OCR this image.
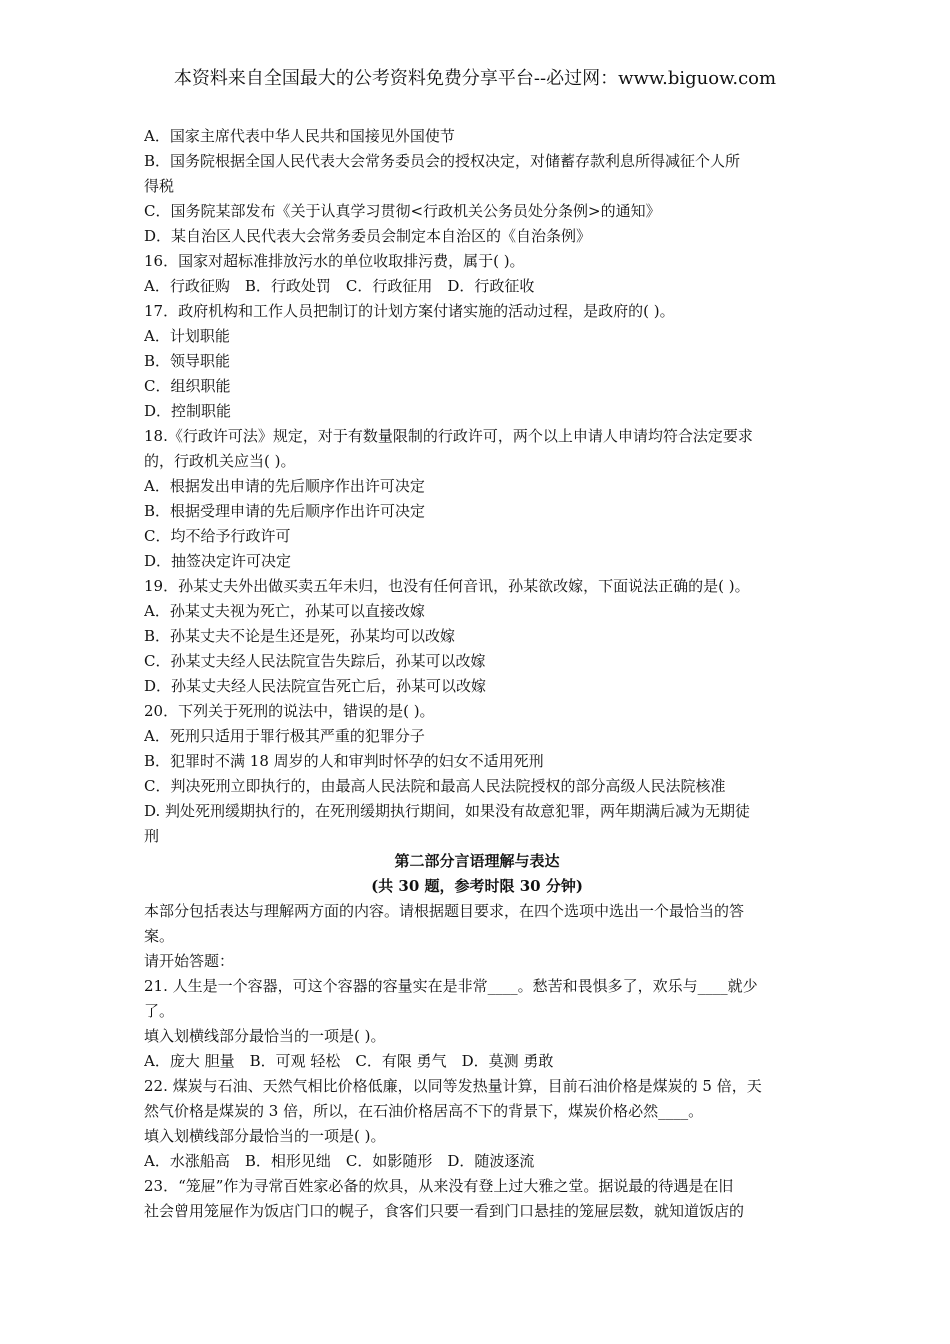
本资料来自全国最大的公考资料免费分享平台--必过网：www.biguow.com

A．国家主席代表中华人民共和国接见外国使节

B．国务院根据全国人民代表大会常务委员会的授权决定，对储蓄存款利息所得减征个人所

得税

C．国务院某部发布《关于认真学习贯彻<行政机关公务员处分条例>的通知》

D．某自治区人民代表大会常务委员会制定本自治区的《自治条例》

16．国家对超标准排放污水的单位收取排污费，属于( )。

A．行政征购　B．行政处罚　C．行政征用　D．行政征收

17．政府机构和工作人员把制订的计划方案付诸实施的活动过程，是政府的( )。

A．计划职能

B．领导职能

C．组织职能

D．控制职能

18.《行政许可法》规定，对于有数量限制的行政许可，两个以上申请人申请均符合法定要求

的，行政机关应当( )。

A．根据发出申请的先后顺序作出许可决定

B．根据受理申请的先后顺序作出许可决定

C．均不给予行政许可

D．抽签决定许可决定

19．孙某丈夫外出做买卖五年未归，也没有任何音讯，孙某欲改嫁，下面说法正确的是( )。

A．孙某丈夫视为死亡，孙某可以直接改嫁

B．孙某丈夫不论是生还是死，孙某均可以改嫁

C．孙某丈夫经人民法院宣告失踪后，孙某可以改嫁

D．孙某丈夫经人民法院宣告死亡后，孙某可以改嫁

20．下列关于死刑的说法中，错误的是( )。

A．死刑只适用于罪行极其严重的犯罪分子

B．犯罪时不满 18 周岁的人和审判时怀孕的妇女不适用死刑

C．判决死刑立即执行的，由最高人民法院和最高人民法院授权的部分高级人民法院核准

D. 判处死刑缓期执行的，在死刑缓期执行期间，如果没有故意犯罪，两年期满后减为无期徒

刑

第二部分言语理解与表达

(共 30 题，参考时限 30 分钟)

本部分包括表达与理解两方面的内容。请根据题目要求，在四个选项中选出一个最恰当的答

案。

请开始答题：

21. 人生是一个容器，可这个容器的容量实在是非常____。愁苦和畏惧多了，欢乐与____就少

了。

填入划横线部分最恰当的一项是( )。

A．庞大 胆量　B．可观 轻松　C．有限 勇气　D．莫测 勇敢

22. 煤炭与石油、天然气相比价格低廉，以同等发热量计算，目前石油价格是煤炭的 5 倍，天

然气价格是煤炭的 3 倍，所以，在石油价格居高不下的背景下，煤炭价格必然____。

填入划横线部分最恰当的一项是( )。

A．水涨船高　B．相形见绌　C．如影随形　D．随波逐流

23．“笼屉”作为寻常百姓家必备的炊具，从来没有登上过大雅之堂。据说最的待遇是在旧

社会曾用笼屉作为饭店门口的幌子，食客们只要一看到门口悬挂的笼屉层数，就知道饭店的
